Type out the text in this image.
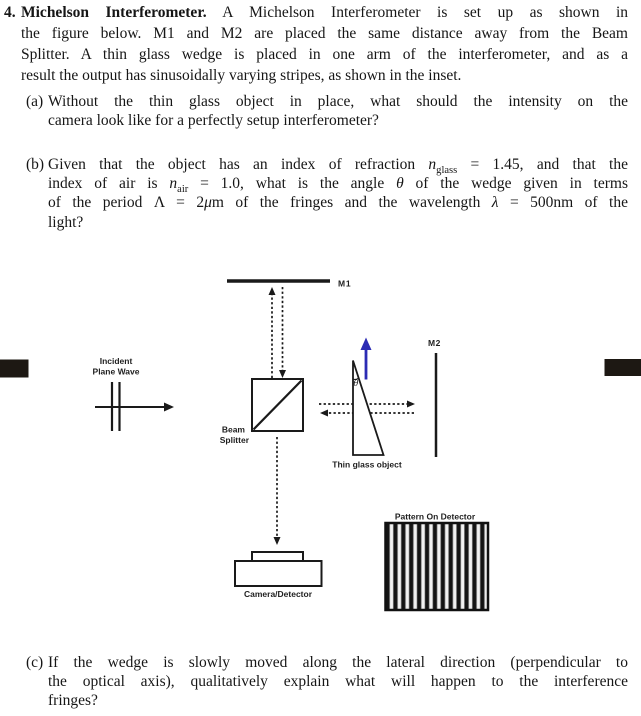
4. Michelson Interferometer. A Michelson Interferometer is set up as shown in
the figure below. M1 and M2 are placed the same distance away from the Beam
Splitter. A thin glass wedge is placed in one arm of the interferometer, and as a
result the output has sinusoidally varying stripes, as shown in the inset.
(a) Without the thin glass object in place, what should the intensity on the
camera look like for a perfectly setup interferometer?
(b) Given that the object has an index of refraction $n_{glass} = 1.45$, and that the
index of air is $n_{air} = 1.0$, what is the angle θ of the wedge given in terms
of the period Λ = 2μm of the fringes and the wavelength λ = 500nm of the
light?
(c) If the wedge is slowly moved along the lateral direction (perpendicular to
the optical axis), qualitatively explain what will happen to the interference
fringes?
M1
Incident
Plane Wave
Beam
Splitter
θ
Thin glass object
M2
Camera/Detector
Pattern On Detector
